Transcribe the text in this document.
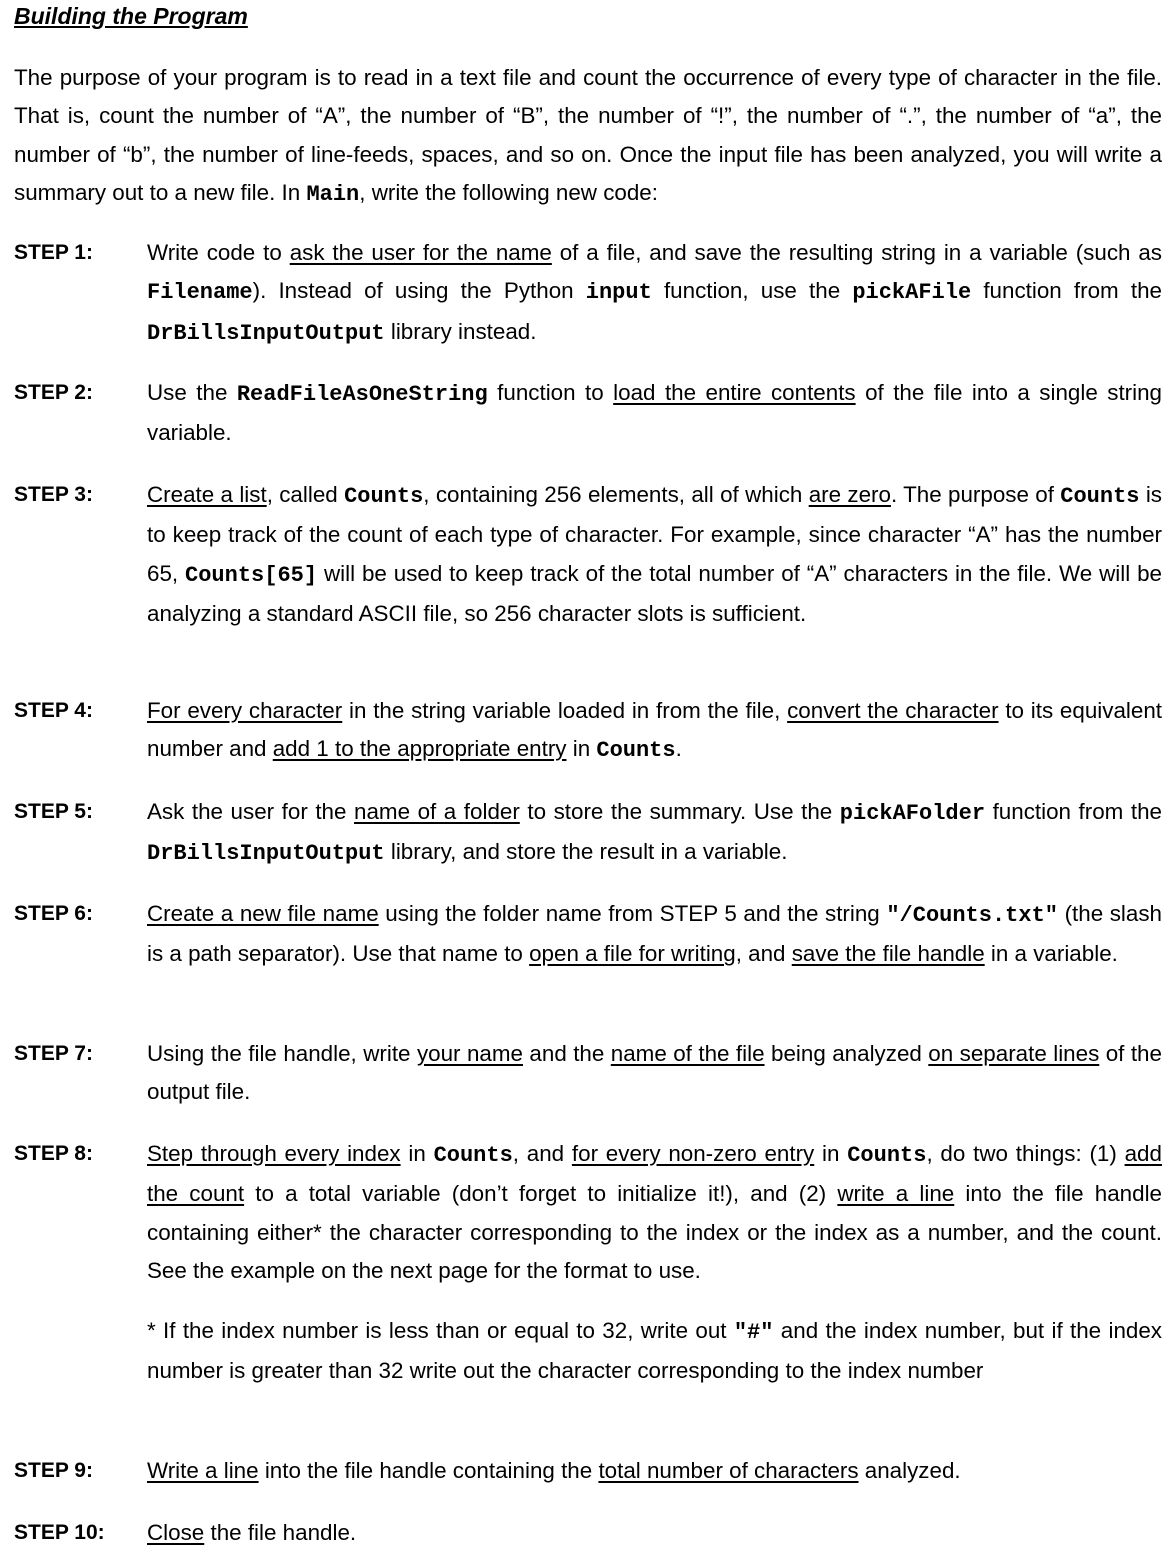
Building the Program
The purpose of your program is to read in a text file and count the occurrence of every type of character in the file. That is, count the number of “A”, the number of “B”, the number of “!”, the number of “.”, the number of “a”, the number of “b”, the number of line-feeds, spaces, and so on. Once the input file has been analyzed, you will write a summary out to a new file. In Main, write the following new code:
STEP 1: Write code to ask the user for the name of a file, and save the resulting string in a variable (such as Filename). Instead of using the Python input function, use the pickAFile function from the DrBillsInputOutput library instead.
STEP 2: Use the ReadFileAsOneString function to load the entire contents of the file into a single string variable.
STEP 3: Create a list, called Counts, containing 256 elements, all of which are zero. The purpose of Counts is to keep track of the count of each type of character. For example, since character “A” has the number 65, Counts[65] will be used to keep track of the total number of “A” characters in the file. We will be analyzing a standard ASCII file, so 256 character slots is sufficient.
STEP 4: For every character in the string variable loaded in from the file, convert the character to its equivalent number and add 1 to the appropriate entry in Counts.
STEP 5: Ask the user for the name of a folder to store the summary. Use the pickAFolder function from the DrBillsInputOutput library, and store the result in a variable.
STEP 6: Create a new file name using the folder name from STEP 5 and the string "/Counts.txt" (the slash is a path separator). Use that name to open a file for writing, and save the file handle in a variable.
STEP 7: Using the file handle, write your name and the name of the file being analyzed on separate lines of the output file.
STEP 8: Step through every index in Counts, and for every non-zero entry in Counts, do two things: (1) add the count to a total variable (don’t forget to initialize it!), and (2) write a line into the file handle containing either* the character corresponding to the index or the index as a number, and the count. See the example on the next page for the format to use.
* If the index number is less than or equal to 32, write out "#" and the index number, but if the index number is greater than 32 write out the character corresponding to the index number
STEP 9: Write a line into the file handle containing the total number of characters analyzed.
STEP 10: Close the file handle.
